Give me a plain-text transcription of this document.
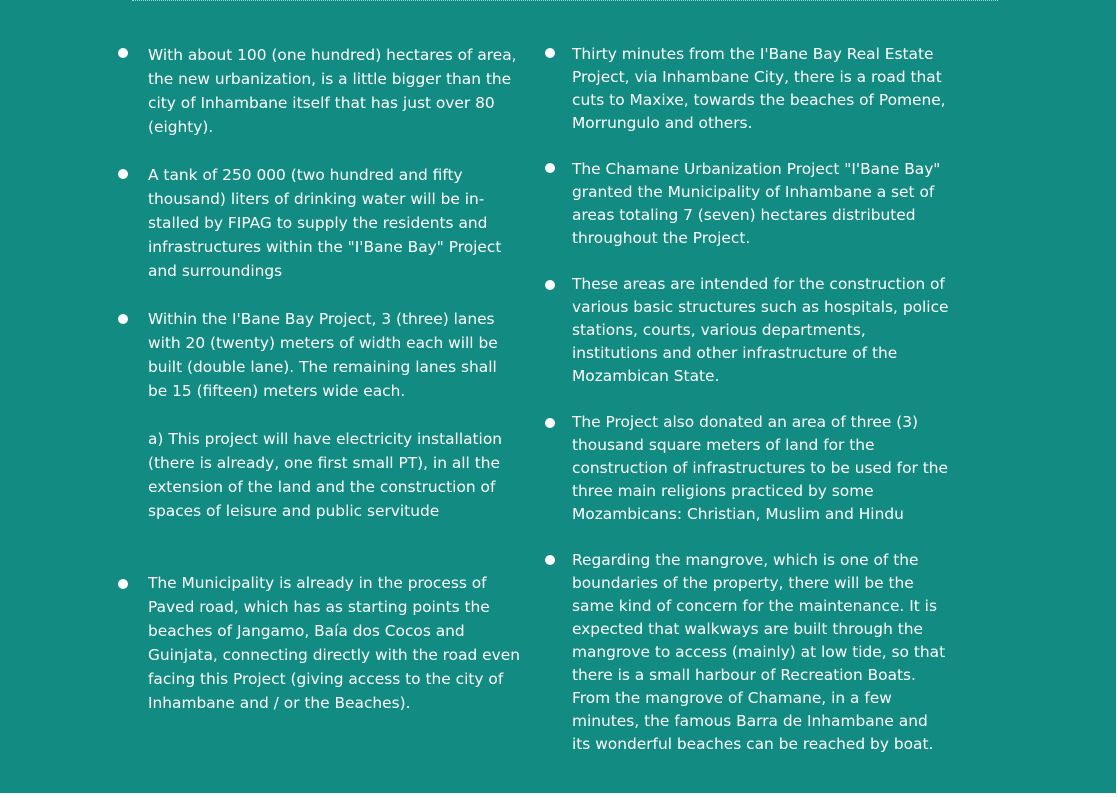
With about 100 (one hundred) hectares of area, the new urbanization, is a little bigger than the city of Inhambane itself that has just over 80 (eighty).

A tank of 250 000 (two hundred and fifty thousand) liters of drinking water will be in-stalled by FIPAG to supply the residents and infrastructures within the "I'Bane Bay" Project and surroundings

Within the I'Bane Bay Project, 3 (three) lanes with 20 (twenty) meters of width each will be built (double lane). The remaining lanes shall be 15 (fifteen) meters wide each.

a) This project will have electricity installation (there is already, one first small PT), in all the extension of the land and the construction of spaces of leisure and public servitude

The Municipality is already in the process of Paved road, which has as starting points the beaches of Jangamo, Baía dos Cocos and Guinjata, connecting directly with the road even facing this Project (giving access to the city of Inhambane and / or the Beaches).

Thirty minutes from the I'Bane Bay Real Estate Project, via Inhambane City, there is a road that cuts to Maxixe, towards the beaches of Pomene, Morrungulo and others.

The Chamane Urbanization Project "I'Bane Bay" granted the Municipality of Inhambane a set of areas totaling 7 (seven) hectares distributed throughout the Project.

These areas are intended for the construction of various basic structures such as hospitals, police stations, courts, various departments, institutions and other infrastructure of the Mozambican State.

The Project also donated an area of three (3) thousand square meters of land for the construction of infrastructures to be used for the three main religions practiced by some Mozambicans: Christian, Muslim and Hindu

Regarding the mangrove, which is one of the boundaries of the property, there will be the same kind of concern for the maintenance. It is expected that walkways are built through the mangrove to access (mainly) at low tide, so that there is a small harbour of Recreation Boats. From the mangrove of Chamane, in a few minutes, the famous Barra de Inhambane and its wonderful beaches can be reached by boat.
